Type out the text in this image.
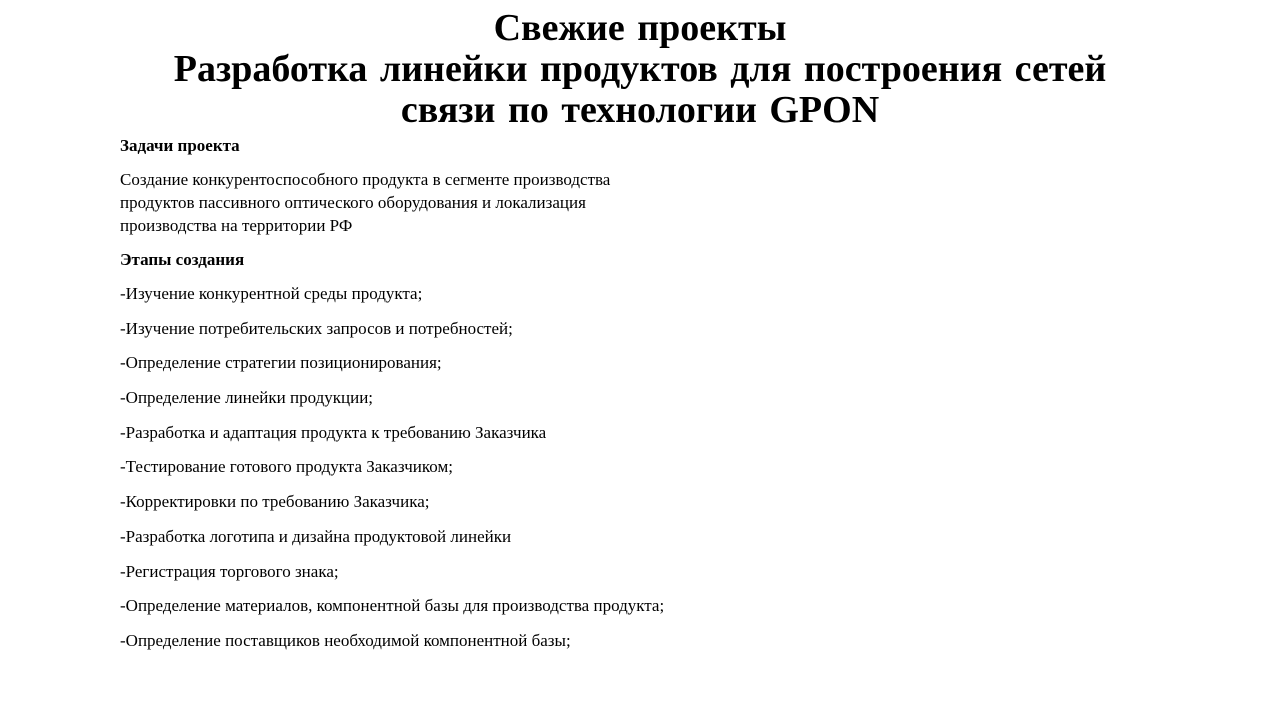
Свежие проекты
Разработка линейки продуктов для построения сетей
связи по технологии GPON
Задачи проекта
Создание конкурентоспособного продукта в сегменте производства
продуктов пассивного оптического оборудования и локализация
производства на территории РФ
Этапы создания
-Изучение конкурентной среды продукта;
-Изучение потребительских запросов и потребностей;
-Определение стратегии позиционирования;
-Определение линейки продукции;
-Разработка и адаптация продукта к требованию Заказчика
-Тестирование готового продукта Заказчиком;
-Корректировки по требованию Заказчика;
-Разработка логотипа и дизайна продуктовой линейки
-Регистрация торгового знака;
-Определение материалов, компонентной базы для производства продукта;
-Определение поставщиков необходимой компонентной базы;
